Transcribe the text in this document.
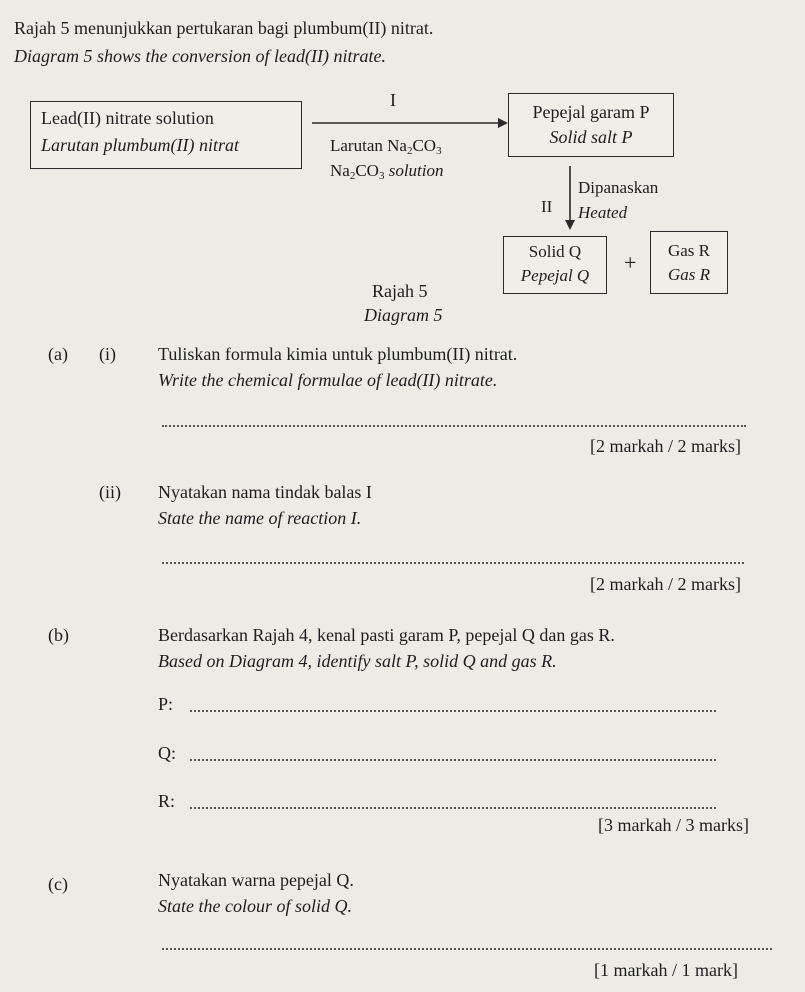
Rajah 5 menunjukkan pertukaran bagi plumbum(II) nitrat.
Diagram 5 shows the conversion of lead(II) nitrate.
Lead(II) nitrate solution
Larutan plumbum(II) nitrat
I
Larutan $Na_2CO_3$
$Na_2CO_3$ solution
Pepejal garam P
Solid salt P
II
Dipanaskan
Heated
Solid Q
Pepejal Q
+	Gas R
Gas R
Rajah 5
Diagram 5
(a) (i) Tuliskan formula kimia untuk plumbum(II) nitrat.
Write the chemical formulae of lead(II) nitrate.
[2 markah / 2 marks]
(ii) Nyatakan nama tindak balas I
State the name of reaction I.
[2 markah / 2 marks]
(b)	Berdasarkan Rajah 4, kenal pasti garam P, pepejal Q dan gas R.
Based on Diagram 4, identify salt P, solid Q and gas R.
P:
Q:
R:
[3 markah / 3 marks]
(c)	Nyatakan warna pepejal Q.
State the colour of solid Q.
[1 markah / 1 mark]
